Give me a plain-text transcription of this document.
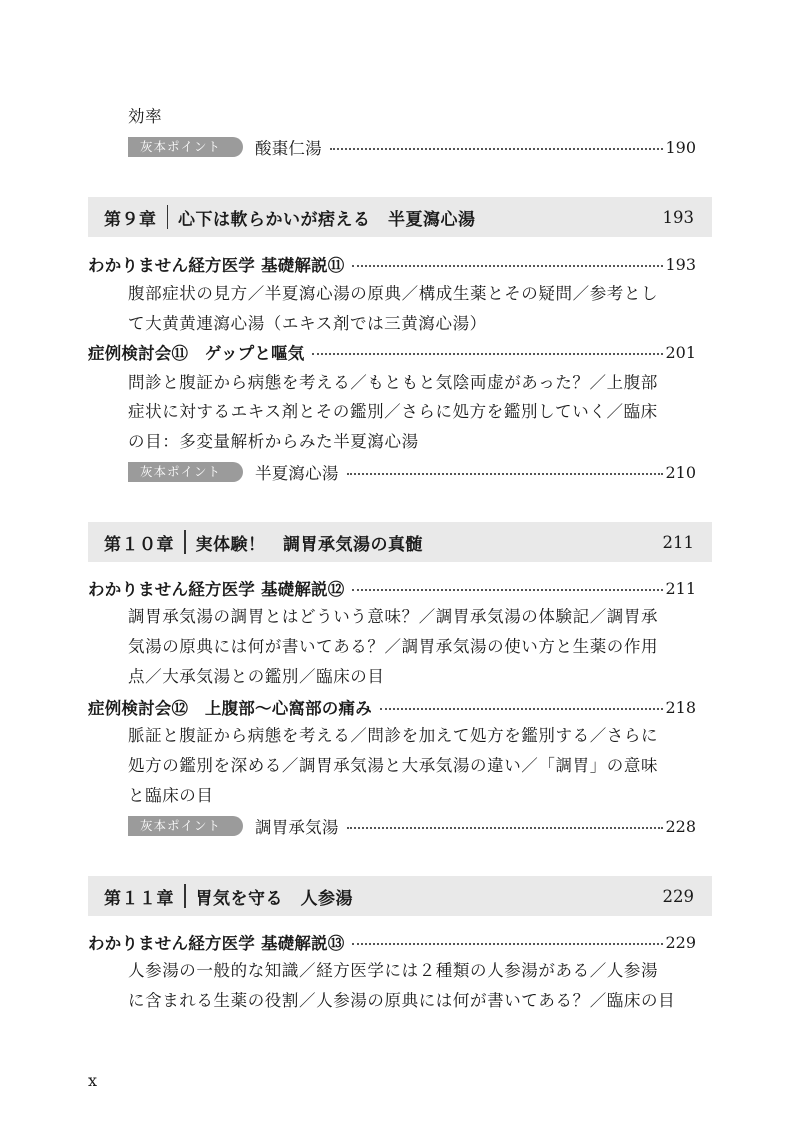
効率
灰本ポイント	酸棗仁湯	190
第９章 心下は軟らかいが痞える　半夏瀉心湯	193
わかりません経方医学 基礎解説⑪	193
腹部症状の見方／半夏瀉心湯の原典／構成生薬とその疑問／参考とし
て大黄黄連瀉心湯（エキス剤では三黄瀉心湯）
症例検討会⑪　ゲップと嘔気	201
問診と腹証から病態を考える／もともと気陰両虚があった？／上腹部
症状に対するエキス剤とその鑑別／さらに処方を鑑別していく／臨床
の目：多変量解析からみた半夏瀉心湯
灰本ポイント	半夏瀉心湯	210
第１０章 実体験！　調胃承気湯の真髄	211
わかりません経方医学 基礎解説⑫	211
調胃承気湯の調胃とはどういう意味？／調胃承気湯の体験記／調胃承
気湯の原典には何が書いてある？／調胃承気湯の使い方と生薬の作用
点／大承気湯との鑑別／臨床の目
症例検討会⑫　上腹部〜心窩部の痛み	218
脈証と腹証から病態を考える／問診を加えて処方を鑑別する／さらに
処方の鑑別を深める／調胃承気湯と大承気湯の違い／「調胃」の意味
と臨床の目
灰本ポイント	調胃承気湯	228
第１１章 胃気を守る　人参湯	229
わかりません経方医学 基礎解説⑬	229
人参湯の一般的な知識／経方医学には２種類の人参湯がある／人参湯
に含まれる生薬の役割／人参湯の原典には何が書いてある？／臨床の目
x
